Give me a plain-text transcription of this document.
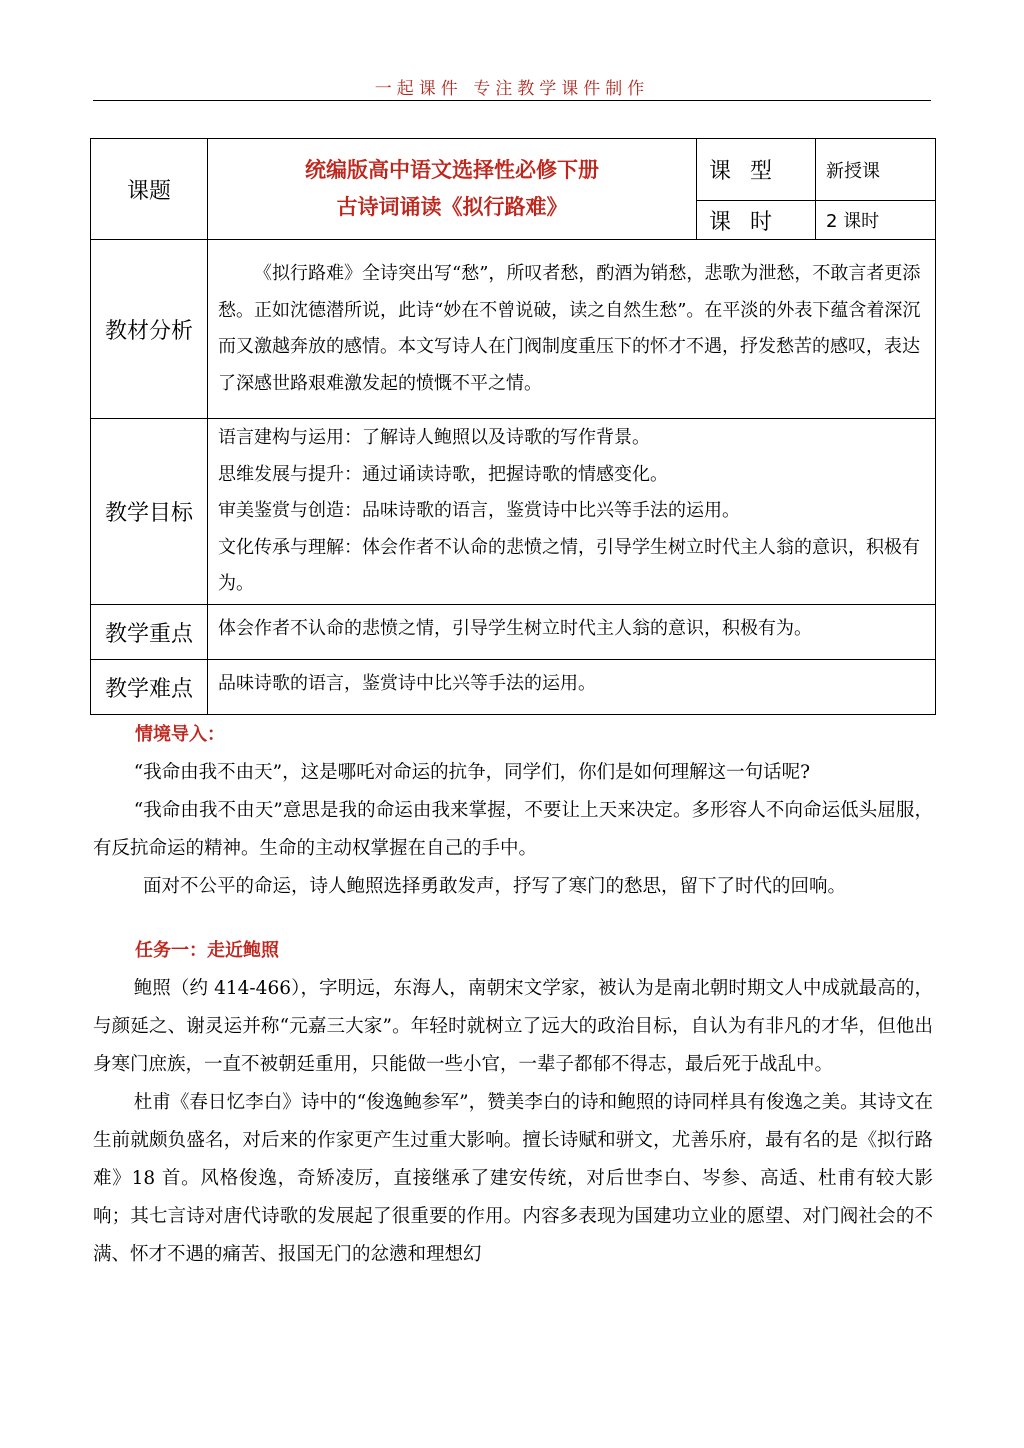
一起课件 专注教学课件制作
课题	统编版高中语文选择性必修下册
古诗词诵读《拟行路难》	课 型	新授课
		课 时	2 课时
教材分析	《拟行路难》全诗突出写“愁”，所叹者愁，酌酒为销愁，悲歌为泄愁，不敢言者更添愁。正如沈德潜所说，此诗“妙在不曾说破，读之自然生愁”。在平淡的外表下蕴含着深沉而又激越奔放的感情。本文写诗人在门阀制度重压下的怀才不遇，抒发愁苦的感叹，表达了深感世路艰难激发起的愤慨不平之情。		

教学目标	语言建构与运用：了解诗人鲍照以及诗歌的写作背景。

思维发展与提升：通过诵读诗歌，把握诗歌的情感变化。

审美鉴赏与创造：品味诗歌的语言，鉴赏诗中比兴等手法的运用。

文化传承与理解：体会作者不认命的悲愤之情，引导学生树立时代主人翁的意识，积极有为。		

教学重点	体会作者不认命的悲愤之情，引导学生树立时代主人翁的意识，积极有为。		

教学难点	品味诗歌的语言，鉴赏诗中比兴等手法的运用。		

情境导入：

“我命由我不由天”，这是哪吒对命运的抗争，同学们，你们是如何理解这一句话呢?

“我命由我不由天”意思是我的命运由我来掌握，不要让上天来决定。多形容人不向命运低头屈服，有反抗命运的精神。生命的主动权掌握在自己的手中。

面对不公平的命运，诗人鲍照选择勇敢发声，抒写了寒门的愁思，留下了时代的回响。

任务一：走近鲍照

鲍照（约 414-466），字明远，东海人，南朝宋文学家，被认为是南北朝时期文人中成就最高的，与颜延之、谢灵运并称“元嘉三大家”。年轻时就树立了远大的政治目标，自认为有非凡的才华，但他出身寒门庶族，一直不被朝廷重用，只能做一些小官，一辈子都郁不得志，最后死于战乱中。

杜甫《春日忆李白》诗中的“俊逸鲍参军”，赞美李白的诗和鲍照的诗同样具有俊逸之美。其诗文在生前就颇负盛名，对后来的作家更产生过重大影响。擅长诗赋和骈文，尤善乐府，最有名的是《拟行路难》18 首。风格俊逸，奇矫凌厉，直接继承了建安传统，对后世李白、岑参、高适、杜甫有较大影响；其七言诗对唐代诗歌的发展起了很重要的作用。内容多表现为国建功立业的愿望、对门阀社会的不满、怀才不遇的痛苦、报国无门的忿懑和理想幻
